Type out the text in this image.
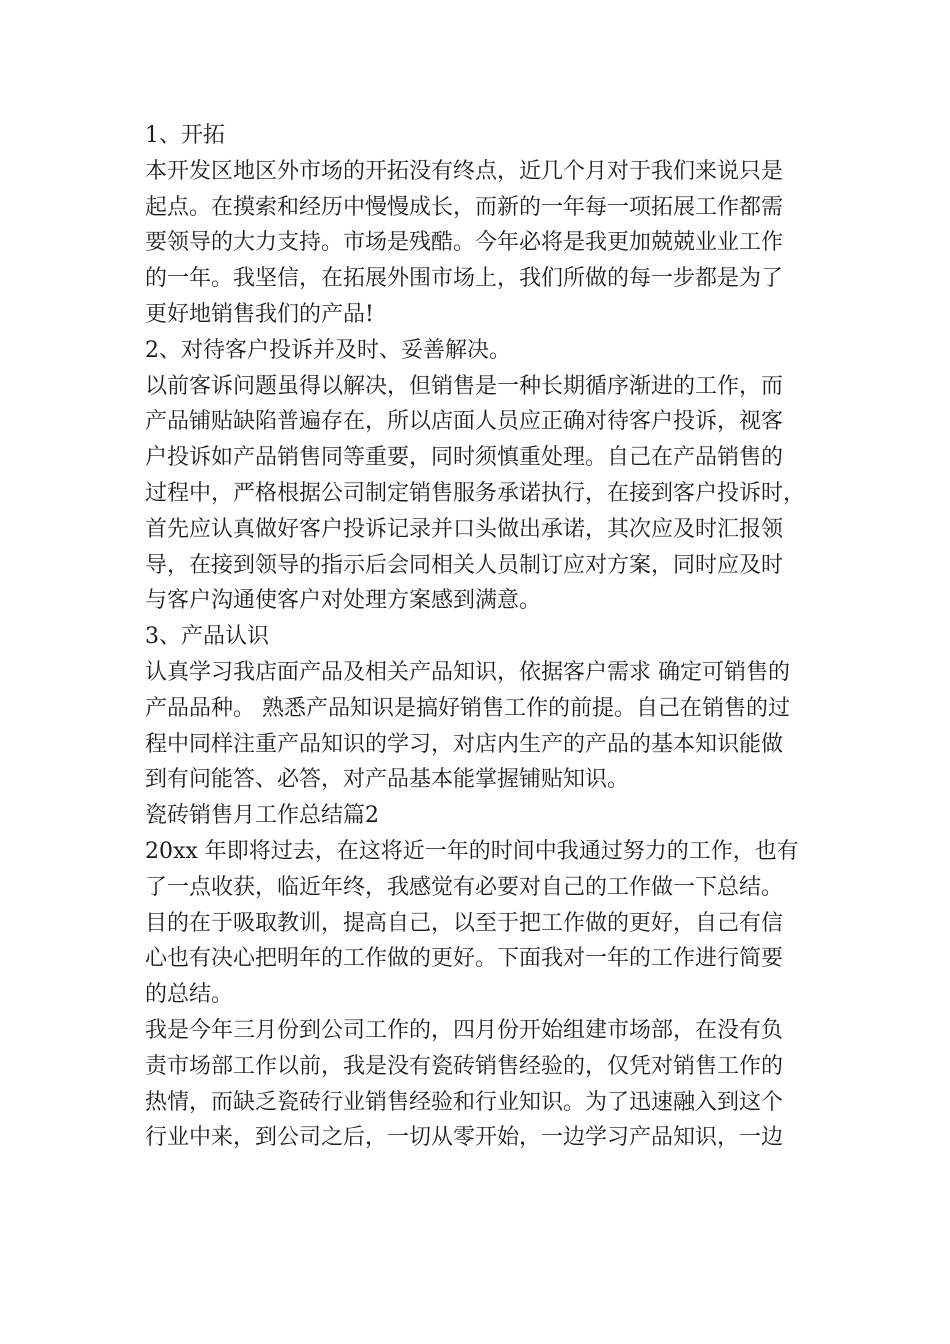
1、开拓
本开发区地区外市场的开拓没有终点，近几个月对于我们来说只是
起点。在摸索和经历中慢慢成长，而新的一年每一项拓展工作都需
要领导的大力支持。市场是残酷。今年必将是我更加兢兢业业工作
的一年。我坚信，在拓展外围市场上，我们所做的每一步都是为了
更好地销售我们的产品!
2、对待客户投诉并及时、妥善解决。
以前客诉问题虽得以解决，但销售是一种长期循序渐进的工作，而
产品铺贴缺陷普遍存在，所以店面人员应正确对待客户投诉，视客
户投诉如产品销售同等重要，同时须慎重处理。自己在产品销售的
过程中，严格根据公司制定销售服务承诺执行，在接到客户投诉时，
首先应认真做好客户投诉记录并口头做出承诺，其次应及时汇报领
导，在接到领导的指示后会同相关人员制订应对方案，同时应及时
与客户沟通使客户对处理方案感到满意。
3、产品认识
认真学习我店面产品及相关产品知识，依据客户需求 确定可销售的
产品品种。 熟悉产品知识是搞好销售工作的前提。自己在销售的过
程中同样注重产品知识的学习，对店内生产的产品的基本知识能做
到有问能答、必答，对产品基本能掌握铺贴知识。
瓷砖销售月工作总结篇2
20xx 年即将过去，在这将近一年的时间中我通过努力的工作，也有
了一点收获，临近年终，我感觉有必要对自己的工作做一下总结。
目的在于吸取教训，提高自己，以至于把工作做的更好，自己有信
心也有决心把明年的工作做的更好。下面我对一年的工作进行简要
的总结。
我是今年三月份到公司工作的，四月份开始组建市场部，在没有负
责市场部工作以前，我是没有瓷砖销售经验的，仅凭对销售工作的
热情，而缺乏瓷砖行业销售经验和行业知识。为了迅速融入到这个
行业中来，到公司之后，一切从零开始，一边学习产品知识，一边
